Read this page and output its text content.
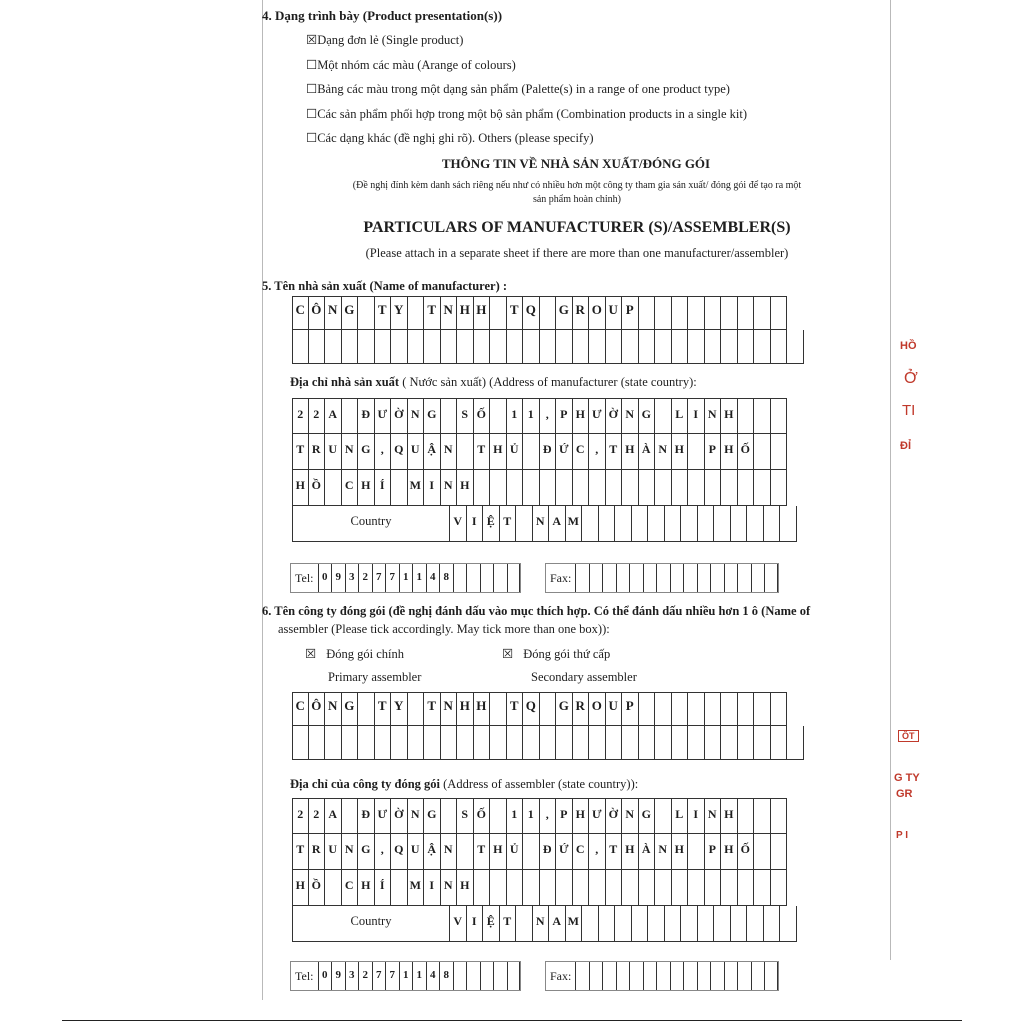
4. Dạng trình bày (Product presentation(s))
☒Dạng đơn lẻ (Single product)
☐Một nhóm các màu (Arange of colours)
☐Bảng các màu trong một dạng sản phẩm (Palette(s) in a range of one product type)
☐Các sản phẩm phối hợp trong một bộ sản phẩm (Combination products in a single kit)
☐Các dạng khác (đề nghị ghi rõ). Others (please specify)
THÔNG TIN VỀ NHÀ SẢN XUẤT/ĐÓNG GÓI
(Đề nghị đính kèm danh sách riêng nếu như có nhiều hơn một công ty tham gia sản xuất/ đóng gói để tạo ra một
sản phẩm hoàn chỉnh)
PARTICULARS OF MANUFACTURER (S)/ASSEMBLER(S)
(Please attach in a separate sheet if there are more than one manufacturer/assembler)
5. Tên nhà sản xuất (Name of manufacturer) :
C Ô N G T Y	T N H H T Q G R O U P
Địa chỉ nhà sản xuất ( Nước sản xuất) (Address of manufacturer (state country):
2 2 A	Đ Ư Ờ N G	S Ố	1 1	, P H Ư Ờ N G	L I N H
T R U N G , Q U Ậ N	T H Ủ	Đ Ứ C , T H À N H	P H Ố
H Ồ	C H Í	M I N H
Country	V I Ệ T	N A M
Tel: 0 9 3 2 7 7 1 1 4 8	Fax:
6. Tên công ty đóng gói (đề nghị đánh dấu vào mục thích hợp. Có thể đánh dấu nhiều hơn 1 ô (Name of
assembler (Please tick accordingly. May tick more than one box)):
☒ Đóng gói chính
Primary assembler
☒ Đóng gói thứ cấp
Secondary assembler
C Ô N G T Y	T N H H T Q G R O U P
Địa chỉ của công ty đóng gói (Address of assembler (state country)):
2 2 A	Đ Ư Ờ N G	S Ố	1 1	, P H Ư Ờ N G	L I N H
T R U N G , Q U Ậ N	T H Ủ	Đ Ứ C , T H À N H	P H Ố
H Ồ	C H Í	M I N H
Country	V I Ệ T	N A M
Tel: 0 9 3 2 7 7 1 1 4 8	Fax:
HỒ
Ở
TI
ĐỈ
ÔT
G TY
GR
P I
